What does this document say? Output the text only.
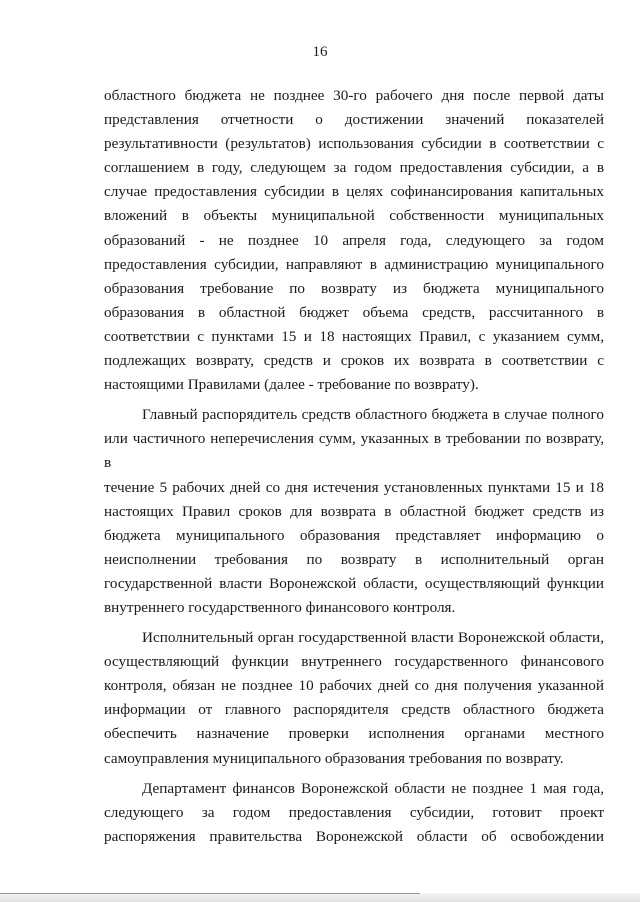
16

областного бюджета не позднее 30-го рабочего дня после первой даты
представления отчетности о достижении значений показателей
результативности (результатов) использования субсидии в соответствии с
соглашением в году, следующем за годом предоставления субсидии, а в
случае предоставления субсидии в целях софинансирования капитальных
вложений в объекты муниципальной собственности муниципальных
образований - не позднее 10 апреля года, следующего за годом
предоставления субсидии, направляют в администрацию муниципального
образования требование по возврату из бюджета муниципального
образования в областной бюджет объема средств, рассчитанного в
соответствии с пунктами 15 и 18 настоящих Правил, с указанием сумм,
подлежащих возврату, средств и сроков их возврата в соответствии с
настоящими Правилами (далее - требование по возврату).

Главный распорядитель средств областного бюджета в случае полного
или частичного неперечисления сумм, указанных в требовании по возврату, в
течение 5 рабочих дней со дня истечения установленных пунктами 15 и 18
настоящих Правил сроков для возврата в областной бюджет средств из
бюджета муниципального образования представляет информацию о
неисполнении требования по возврату в исполнительный орган
государственной власти Воронежской области, осуществляющий функции
внутреннего государственного финансового контроля.

Исполнительный орган государственной власти Воронежской области,
осуществляющий функции внутреннего государственного финансового
контроля, обязан не позднее 10 рабочих дней со дня получения указанной
информации от главного распорядителя средств областного бюджета
обеспечить назначение проверки исполнения органами местного
самоуправления муниципального образования требования по возврату.

Департамент финансов Воронежской области не позднее 1 мая года,
следующего за годом предоставления субсидии, готовит проект
распоряжения правительства Воронежской области об освобождении
